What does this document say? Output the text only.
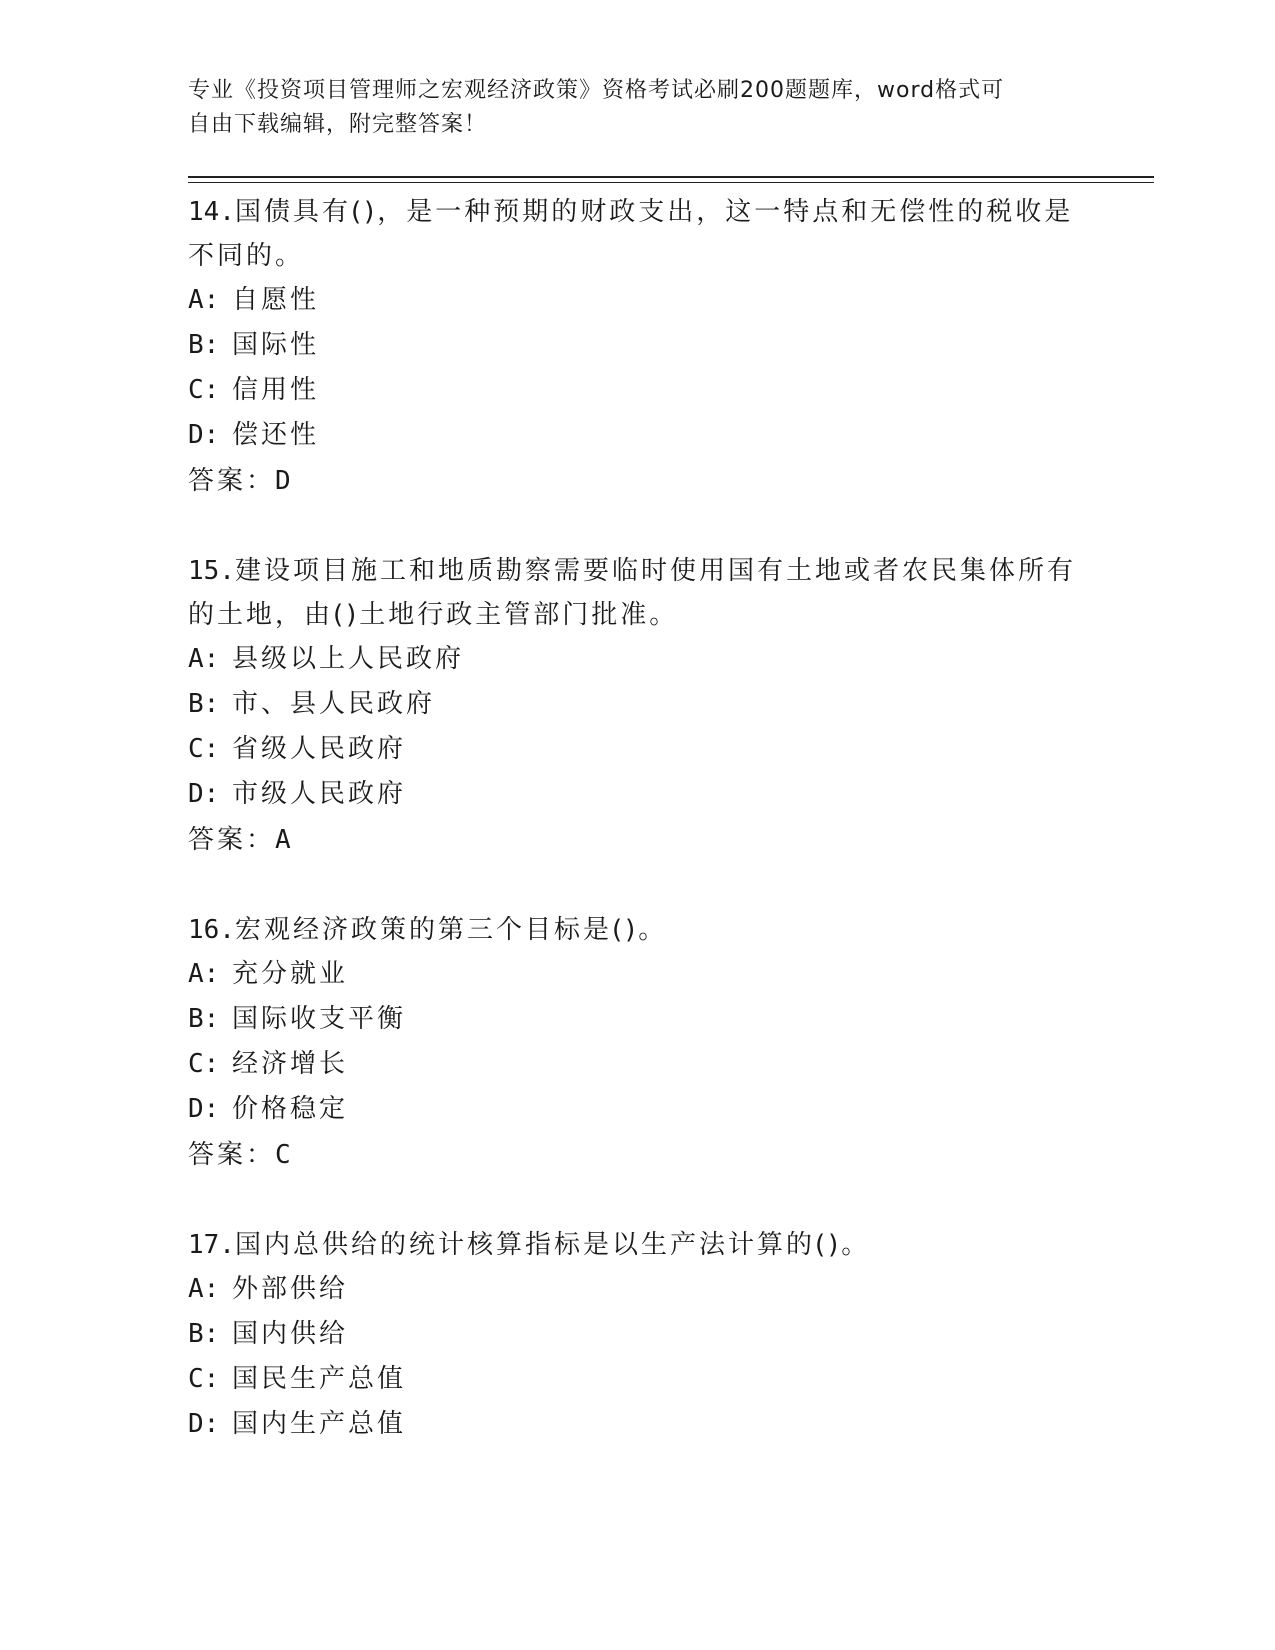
专业《投资项目管理师之宏观经济政策》资格考试必刷200题题库，word格式可
自由下载编辑，附完整答案！
14.国债具有()，是一种预期的财政支出，这一特点和无偿性的税收是
不同的。
A: 自愿性
B: 国际性
C: 信用性
D: 偿还性
答案：D
15.建设项目施工和地质勘察需要临时使用国有土地或者农民集体所有
的土地，由()土地行政主管部门批准。
A: 县级以上人民政府
B: 市、县人民政府
C: 省级人民政府
D: 市级人民政府
答案：A
16.宏观经济政策的第三个目标是()。
A: 充分就业
B: 国际收支平衡
C: 经济增长
D: 价格稳定
答案：C
17.国内总供给的统计核算指标是以生产法计算的()。
A: 外部供给
B: 国内供给
C: 国民生产总值
D: 国内生产总值
